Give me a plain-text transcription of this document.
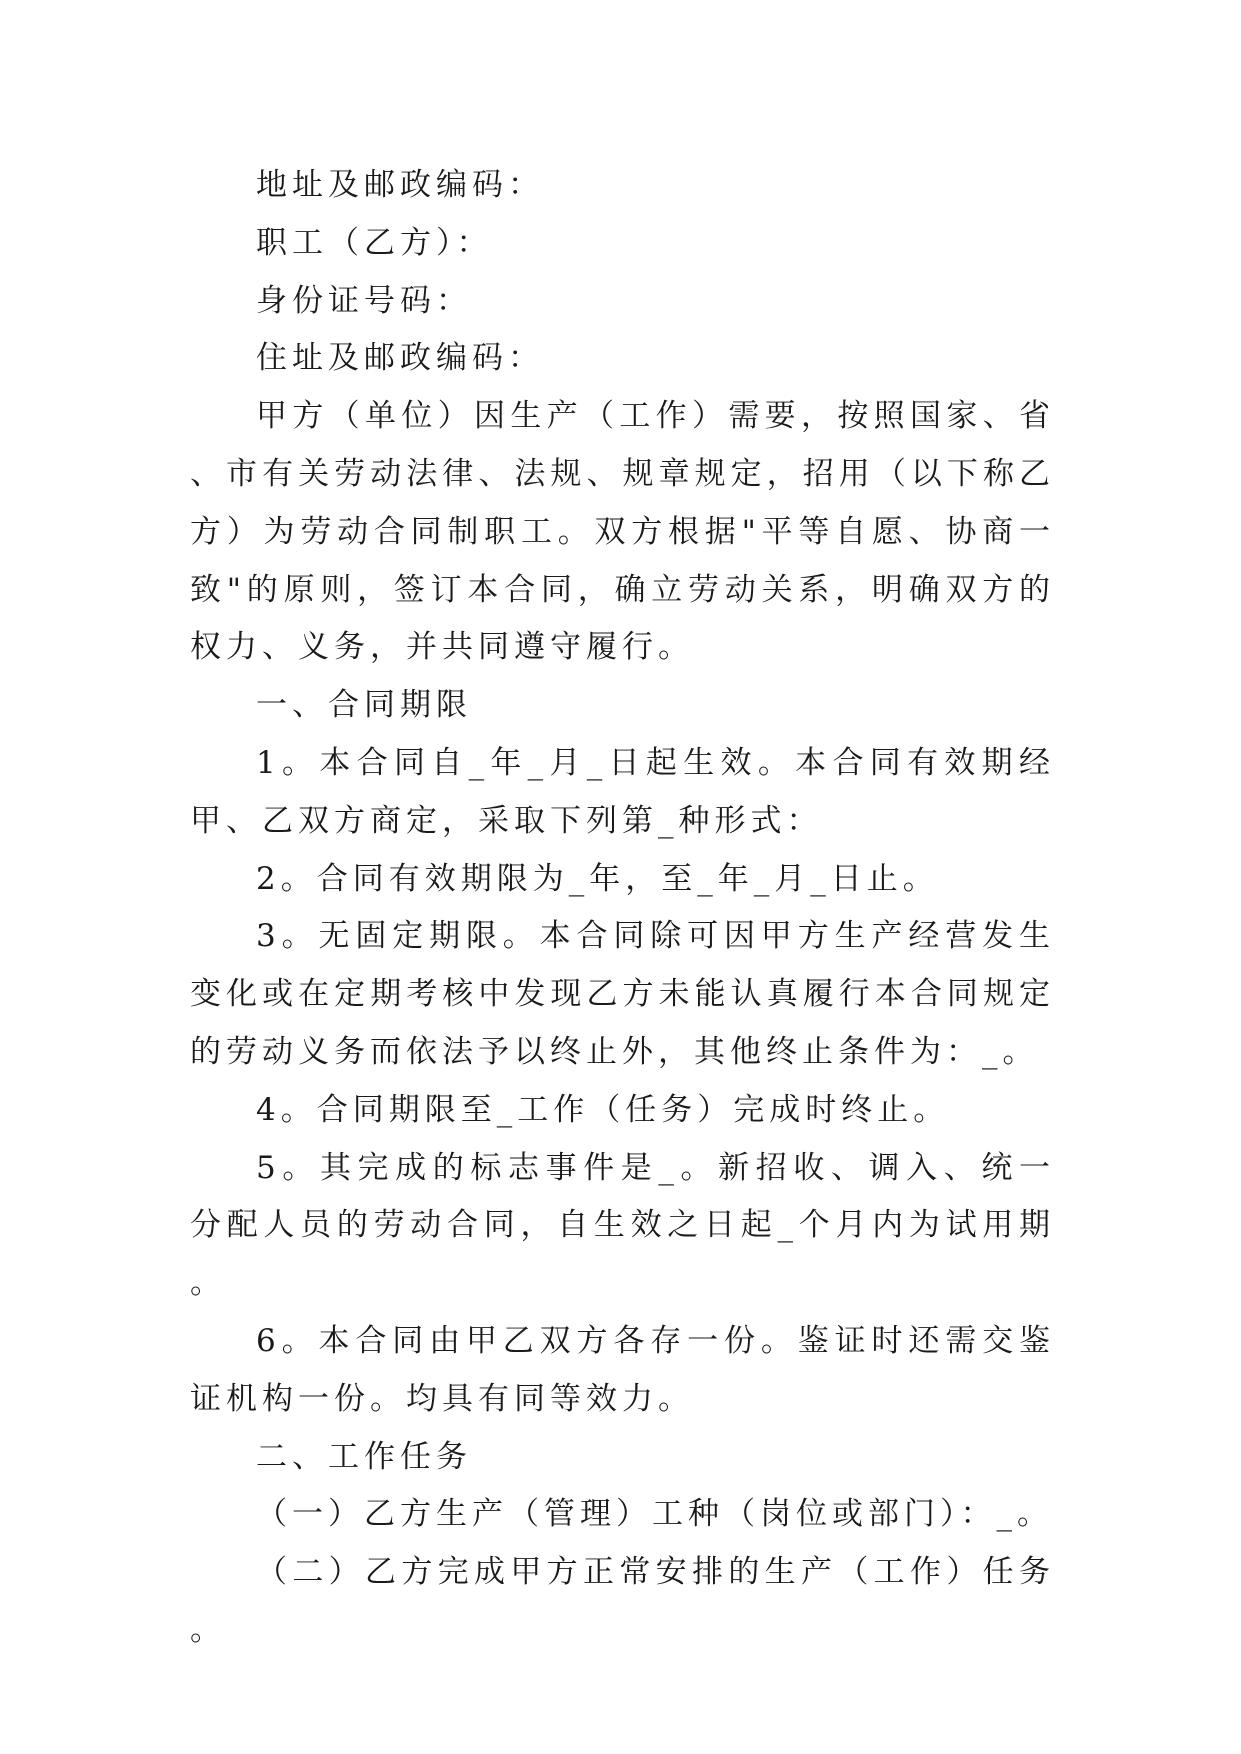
地址及邮政编码：

职工（乙方）：

身份证号码：

住址及邮政编码：

甲方（单位）因生产（工作）需要，按照国家、省、市有关劳动法律、法规、规章规定，招用（以下称乙方）为劳动合同制职工。双方根据"平等自愿、协商一致"的原则，签订本合同，确立劳动关系，明确双方的权力、义务，并共同遵守履行。

一、合同期限

1。本合同自_年_月_日起生效。本合同有效期经甲、乙双方商定，采取下列第_种形式：

2。合同有效期限为_年，至_年_月_日止。

3。无固定期限。本合同除可因甲方生产经营发生变化或在定期考核中发现乙方未能认真履行本合同规定的劳动义务而依法予以终止外，其他终止条件为：_。

4。合同期限至_工作（任务）完成时终止。

5。其完成的标志事件是_。新招收、调入、统一分配人员的劳动合同，自生效之日起_个月内为试用期。

6。本合同由甲乙双方各存一份。鉴证时还需交鉴证机构一份。均具有同等效力。

二、工作任务

（一）乙方生产（管理）工种（岗位或部门）：_。

（二）乙方完成甲方正常安排的生产（工作）任务。
